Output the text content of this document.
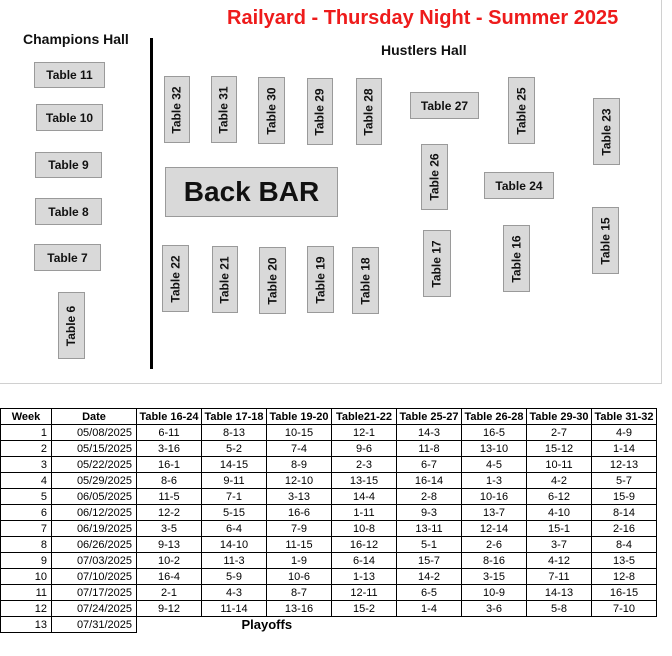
Railyard - Thursday Night - Summer 2025
Champions Hall
Hustlers Hall
Table 11
Table 10
Table 9
Table 8
Table 7
Table 6
Table 32	Table 31	Table 30	Table 29	Table 28	Table 27	Table 25	Table 23
Table 26	Table 24
Back BAR
Table 22	Table 21	Table 20	Table 19	Table 18	Table 17	Table 16	Table 15
Week	Date	Table 16-24	Table 17-18	Table 19-20	Table21-22	Table 25-27	Table 26-28	Table 29-30	Table 31-32
1	05/08/2025	6-11	8-13	10-15	12-1	14-3	16-5	2-7	4-9
2	05/15/2025	3-16	5-2	7-4	9-6	11-8	13-10	15-12	1-14
3	05/22/2025	16-1	14-15	8-9	2-3	6-7	4-5	10-11	12-13
4	05/29/2025	8-6	9-11	12-10	13-15	16-14	1-3	4-2	5-7
5	06/05/2025	11-5	7-1	3-13	14-4	2-8	10-16	6-12	15-9
6	06/12/2025	12-2	5-15	16-6	1-11	9-3	13-7	4-10	8-14
7	06/19/2025	3-5	6-4	7-9	10-8	13-11	12-14	15-1	2-16
8	06/26/2025	9-13	14-10	11-15	16-12	5-1	2-6	3-7	8-4
9	07/03/2025	10-2	11-3	1-9	6-14	15-7	8-16	4-12	13-5
10	07/10/2025	16-4	5-9	10-6	1-13	14-2	3-15	7-11	12-8
11	07/17/2025	2-1	4-3	8-7	12-11	6-5	10-9	14-13	16-15
12	07/24/2025	9-12	11-14	13-16	15-2	1-4	3-6	5-8	7-10
13	07/31/2025		Playoffs						
